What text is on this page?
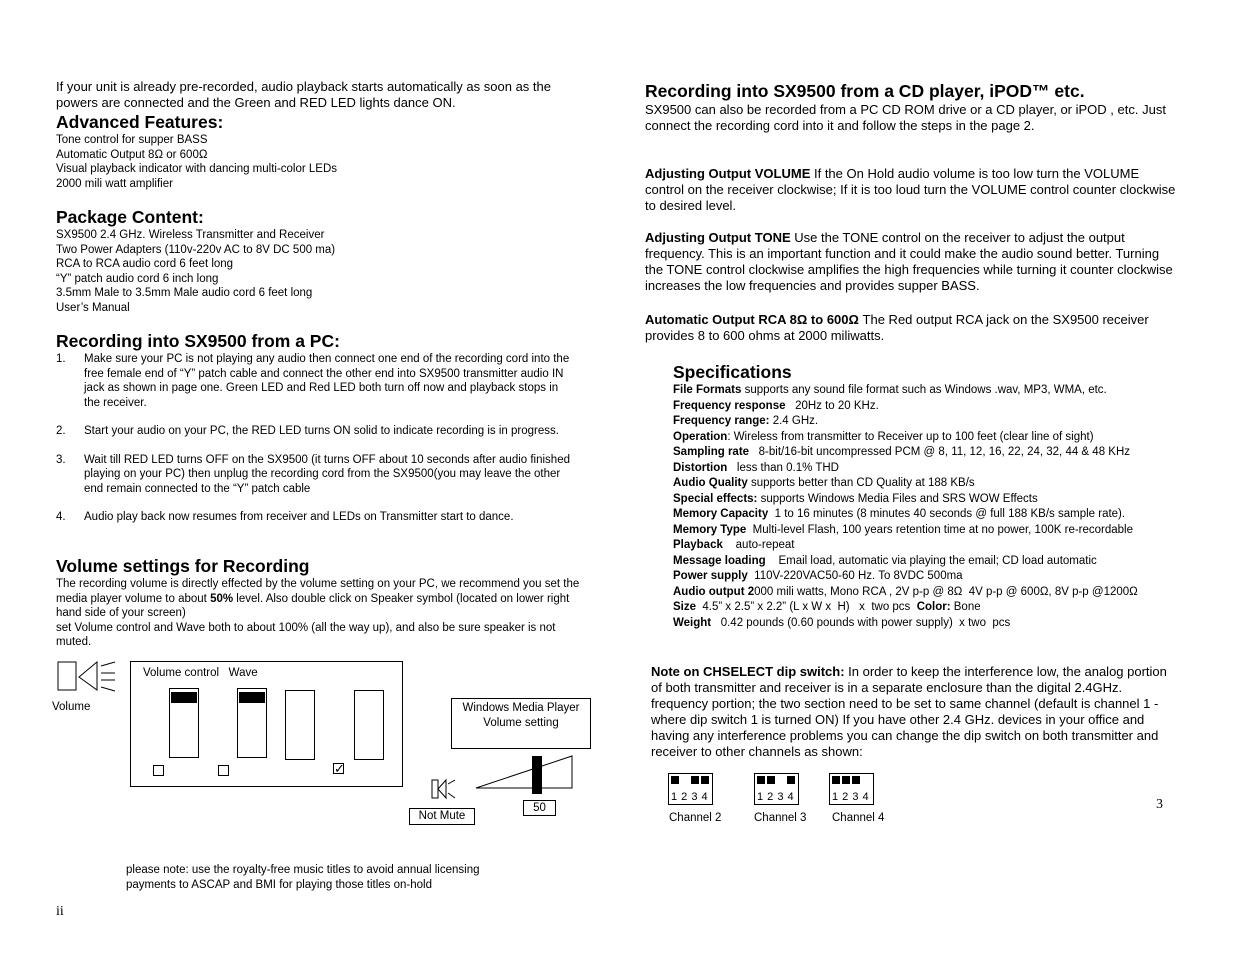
If your unit is already pre-recorded, audio playback starts automatically as soon as the powers are connected and the Green and RED LED lights dance ON.
Advanced Features:
Tone control for supper BASS
Automatic Output 8Ω or 600Ω
Visual playback indicator with dancing multi-color LEDs
2000 mili watt amplifier
Package Content:
SX9500 2.4 GHz. Wireless Transmitter and Receiver
Two Power Adapters (110v-220v AC to 8V DC 500 ma)
RCA to RCA audio cord 6 feet long
“Y” patch audio cord 6 inch long
3.5mm Male to 3.5mm Male audio cord 6 feet long
User’s Manual
Recording into SX9500 from a PC:
1. Make sure your PC is not playing any audio then connect one end of the recording cord into the free female end of “Y” patch cable and connect the other end into SX9500 transmitter audio IN jack as shown in page one. Green LED and Red LED both turn off now and playback stops in the receiver.
2. Start your audio on your PC, the RED LED turns ON solid to indicate recording is in progress.
3. Wait till RED LED turns OFF on the SX9500 (it turns OFF about 10 seconds after audio finished playing on your PC) then unplug the recording cord from the SX9500(you may leave the other end remain connected to the “Y” patch cable
4. Audio play back now resumes from receiver and LEDs on Transmitter start to dance.
Volume settings for Recording
The recording volume is directly effected by the volume setting on your PC, we recommend you set the media player volume to about 50% level. Also double click on Speaker symbol (located on lower right hand side of your screen)
set Volume control and Wave both to about 100% (all the way up), and also be sure speaker is not muted.
Volume
Volume control   Wave
✓
Windows Media Player
Volume setting
Not Mute
50
please note: use the royalty-free music titles to avoid annual licensing
payments to ASCAP and BMI for playing those titles on-hold
ii
Recording into SX9500 from a CD player, iPOD™ etc.
SX9500 can also be recorded from a PC CD ROM drive or a CD player, or iPOD , etc. Just connect the recording cord into it and follow the steps in the page 2.
Adjusting Output VOLUME If the On Hold audio volume is too low turn the VOLUME control on the receiver clockwise; If it is too loud turn the VOLUME control counter clockwise to desired level.
Adjusting Output TONE Use the TONE control on the receiver to adjust the output frequency. This is an important function and it could make the audio sound better. Turning the TONE control clockwise amplifies the high frequencies while turning it counter clockwise increases the low frequencies and provides supper BASS.
Automatic Output RCA 8Ω to 600Ω The Red output RCA jack on the SX9500 receiver provides 8 to 600 ohms at 2000 miliwatts.
Specifications
File Formats supports any sound file format such as Windows .wav, MP3, WMA, etc.
Frequency response   20Hz to 20 KHz.
Frequency range: 2.4 GHz.
Operation: Wireless from transmitter to Receiver up to 100 feet (clear line of sight)
Sampling rate   8-bit/16-bit uncompressed PCM @ 8, 11, 12, 16, 22, 24, 32, 44 & 48 KHz
Distortion   less than 0.1% THD
Audio Quality supports better than CD Quality at 188 KB/s
Special effects: supports Windows Media Files and SRS WOW Effects
Memory Capacity  1 to 16 minutes (8 minutes 40 seconds @ full 188 KB/s sample rate).
Memory Type  Multi-level Flash, 100 years retention time at no power, 100K re-recordable
Playback    auto-repeat
Message loading    Email load, automatic via playing the email; CD load automatic
Power supply  110V-220VAC50-60 Hz. To 8VDC 500ma
Audio output 2000 mili watts, Mono RCA , 2V p-p @ 8Ω  4V p-p @ 600Ω, 8V p-p @1200Ω
Size  4.5” x 2.5” x 2.2” (L x W x  H)   x  two pcs  Color: Bone
Weight   0.42 pounds (0.60 pounds with power supply)  x two  pcs
Note on CHSELECT dip switch: In order to keep the interference low, the analog portion of both transmitter and receiver is in a separate enclosure than the digital 2.4GHz. frequency portion; the two section need to be set to same channel (default is channel 1 -where dip switch 1 is turned ON) If you have other 2.4 GHz. devices in your office and having any interference problems you can change the dip switch on both transmitter and receiver to other channels as shown:
1 2 3 4	1 2 3 4	1 2 3 4
Channel 2	Channel 3 Channel 4
3
